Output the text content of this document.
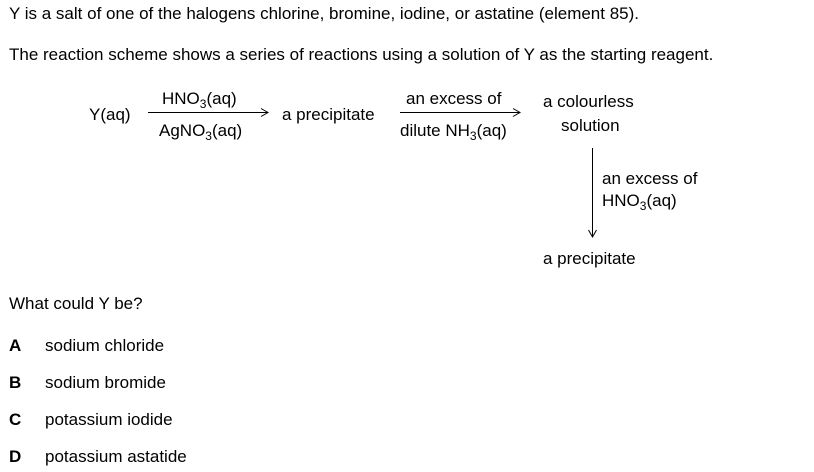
Y is a salt of one of the halogens chlorine, bromine, iodine, or astatine (element 85).
The reaction scheme shows a series of reactions using a solution of Y as the starting reagent.
Y(aq)
$HNO_3(aq)$
AgNO$_3$(aq)
a precipitate
an excess of
dilute $NH_3(aq)$
a colourless
solution
an excess of
$HNO_3(aq)$
a precipitate
What could Y be?
A sodium chloride
B sodium bromide
C potassium iodide
D potassium astatide
